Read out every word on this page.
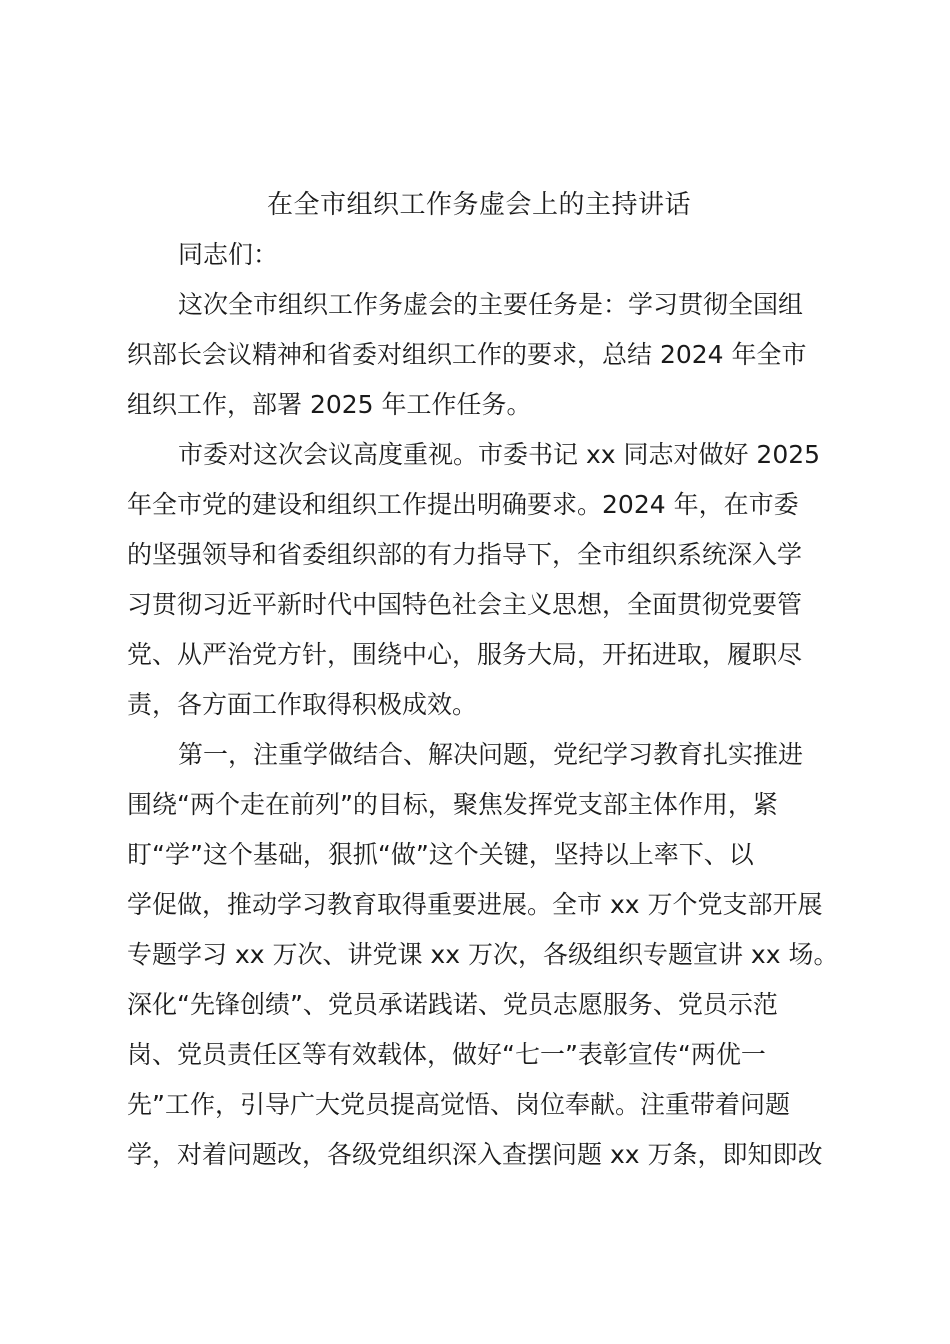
在全市组织工作务虚会上的主持讲话
同志们：
这次全市组织工作务虚会的主要任务是：学习贯彻全国组
织部长会议精神和省委对组织工作的要求，总结 2024 年全市
组织工作，部署 2025 年工作任务。
市委对这次会议高度重视。市委书记 xx 同志对做好 2025
年全市党的建设和组织工作提出明确要求。2024 年，在市委
的坚强领导和省委组织部的有力指导下，全市组织系统深入学
习贯彻习近平新时代中国特色社会主义思想，全面贯彻党要管
党、从严治党方针，围绕中心，服务大局，开拓进取，履职尽
责，各方面工作取得积极成效。
第一，注重学做结合、解决问题，党纪学习教育扎实推进
围绕“两个走在前列”的目标，聚焦发挥党支部主体作用，紧
盯“学”这个基础，狠抓“做”这个关键，坚持以上率下、以
学促做，推动学习教育取得重要进展。全市 xx 万个党支部开展
专题学习 xx 万次、讲党课 xx 万次，各级组织专题宣讲 xx 场。
深化“先锋创绩”、党员承诺践诺、党员志愿服务、党员示范
岗、党员责任区等有效载体，做好“七一”表彰宣传“两优一
先”工作，引导广大党员提高觉悟、岗位奉献。注重带着问题
学，对着问题改，各级党组织深入查摆问题 xx 万条，即知即改
